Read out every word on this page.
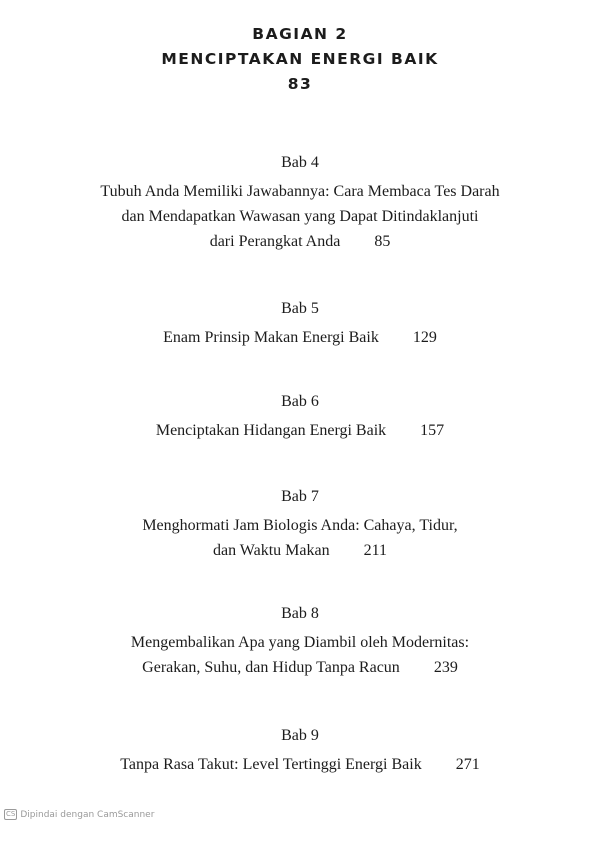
BAGIAN 2
MENCIPTAKAN ENERGI BAIK
83
Bab 4
Tubuh Anda Memiliki Jawabannya: Cara Membaca Tes Darah
dan Mendapatkan Wawasan yang Dapat Ditindaklanjuti
dari Perangkat Anda 85
Bab 5
Enam Prinsip Makan Energi Baik 129
Bab 6
Menciptakan Hidangan Energi Baik 157
Bab 7
Menghormati Jam Biologis Anda: Cahaya, Tidur,
dan Waktu Makan 211
Bab 8
Mengembalikan Apa yang Diambil oleh Modernitas:
Gerakan, Suhu, dan Hidup Tanpa Racun 239
Bab 9
Tanpa Rasa Takut: Level Tertinggi Energi Baik 271
CS Dipindai dengan CamScanner
